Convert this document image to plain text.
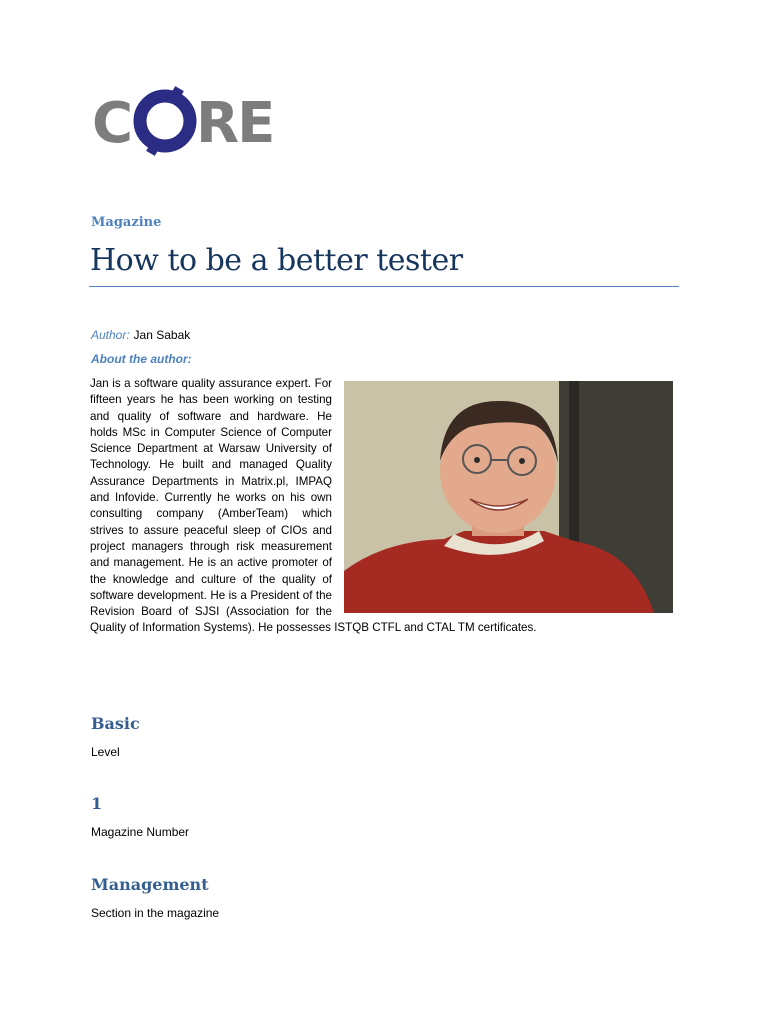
C RE
Magazine
How to be a better tester
Author: Jan Sabak
About the author:
Jan is a software quality assurance expert. For fifteen years he has been working on testing and quality of software and hardware. He holds MSc in Computer Science of Computer Science Department at Warsaw University of Technology. He built and managed Quality Assurance Departments in Matrix.pl, IMPAQ and Infovide. Currently he works on his own consulting company (AmberTeam) which strives to assure peaceful sleep of CIOs and project managers through risk measurement and management. He is an active promoter of the knowledge and culture of the quality of software development. He is a President of the Revision Board of SJSI (Association for the Quality of Information Systems). He possesses ISTQB CTFL and CTAL TM certificates.
Basic
Level
1
Magazine Number
Management
Section in the magazine
